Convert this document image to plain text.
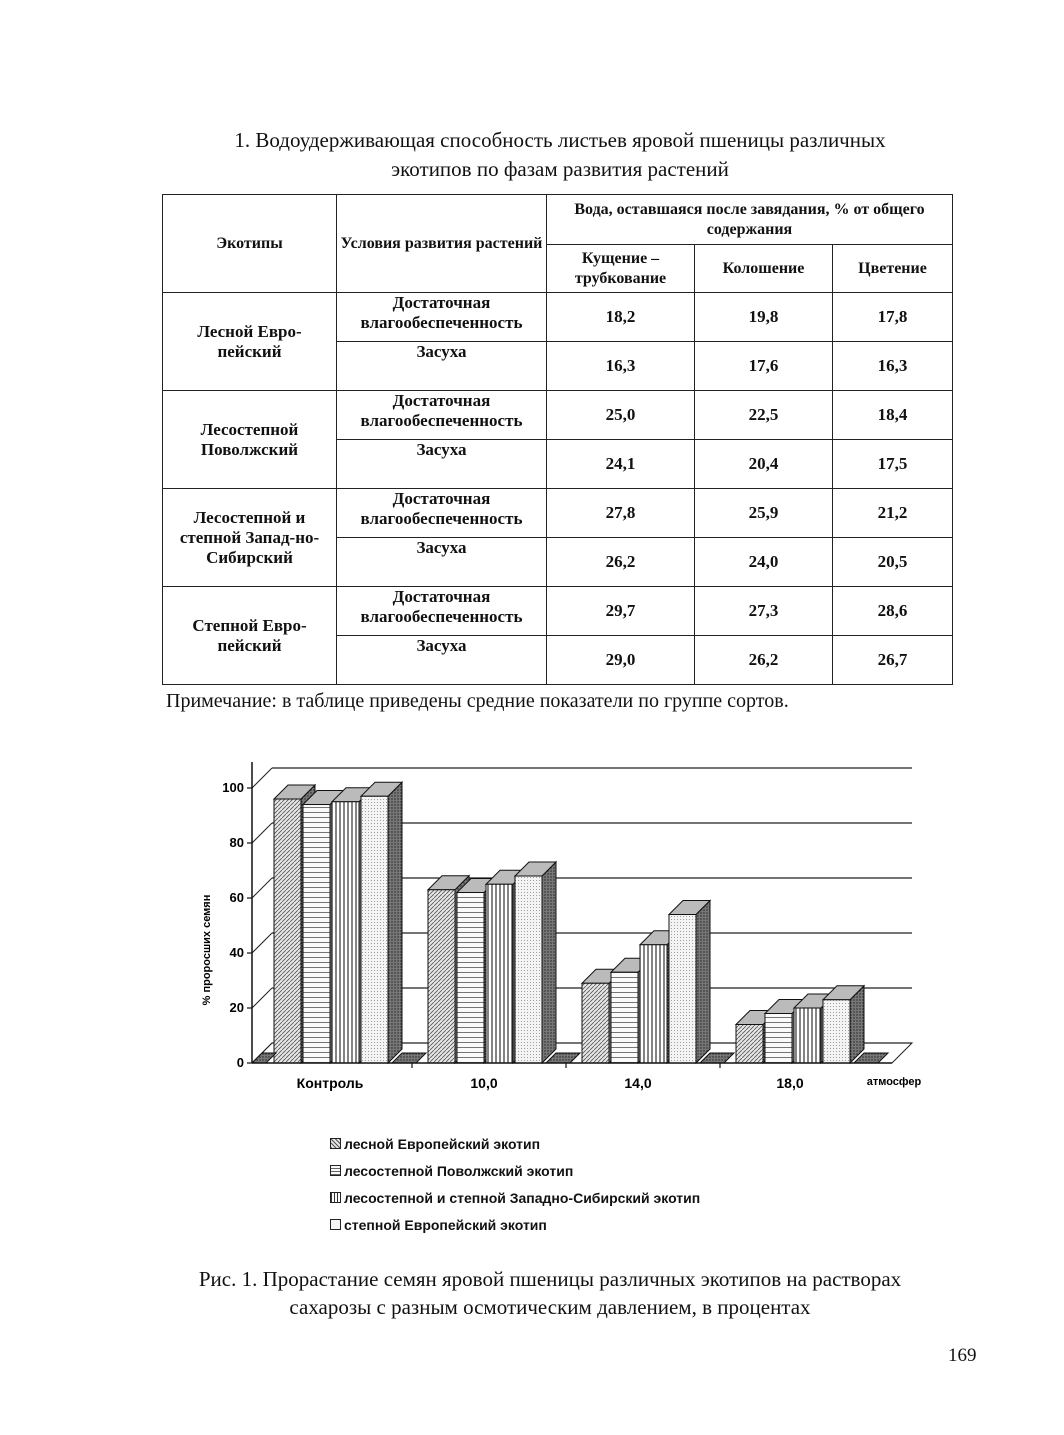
1. Водоудерживающая способность листьев яровой пшеницы различных
экотипов по фазам развития растений
Экотипы	Условия развития растений	Вода, оставшаяся после завядания, % от общего содержания		
		Кущение – трубкование	Колошение	Цветение
Лесной Евро-пейский	Достаточная влагообеспеченность	18,2	19,8	17,8
	Засуха	16,3	17,6	16,3
Лесостепной Поволжский	Достаточная влагообеспеченность	25,0	22,5	18,4
	Засуха	24,1	20,4	17,5
Лесостепной и степной Запад-но-Сибирский	Достаточная влагообеспеченность	27,8	25,9	21,2
	Засуха	26,2	24,0	20,5
Степной Евро-пейский	Достаточная влагообеспеченность	29,7	27,3	28,6
	Засуха	29,0	26,2	26,7
Примечание: в таблице приведены средние показатели по группе сортов.
0
20
40
60
80
100
Контроль	10,0	14,0	18,0	атмосфер
% проросших семян
лесной Европейский экотип
лесостепной Поволжский экотип
лесостепной и степной Западно-Сибирский экотип
степной Европейский экотип
Рис. 1. Прорастание семян яровой пшеницы различных экотипов на растворах
сахарозы с разным осмотическим давлением, в процентах
169
